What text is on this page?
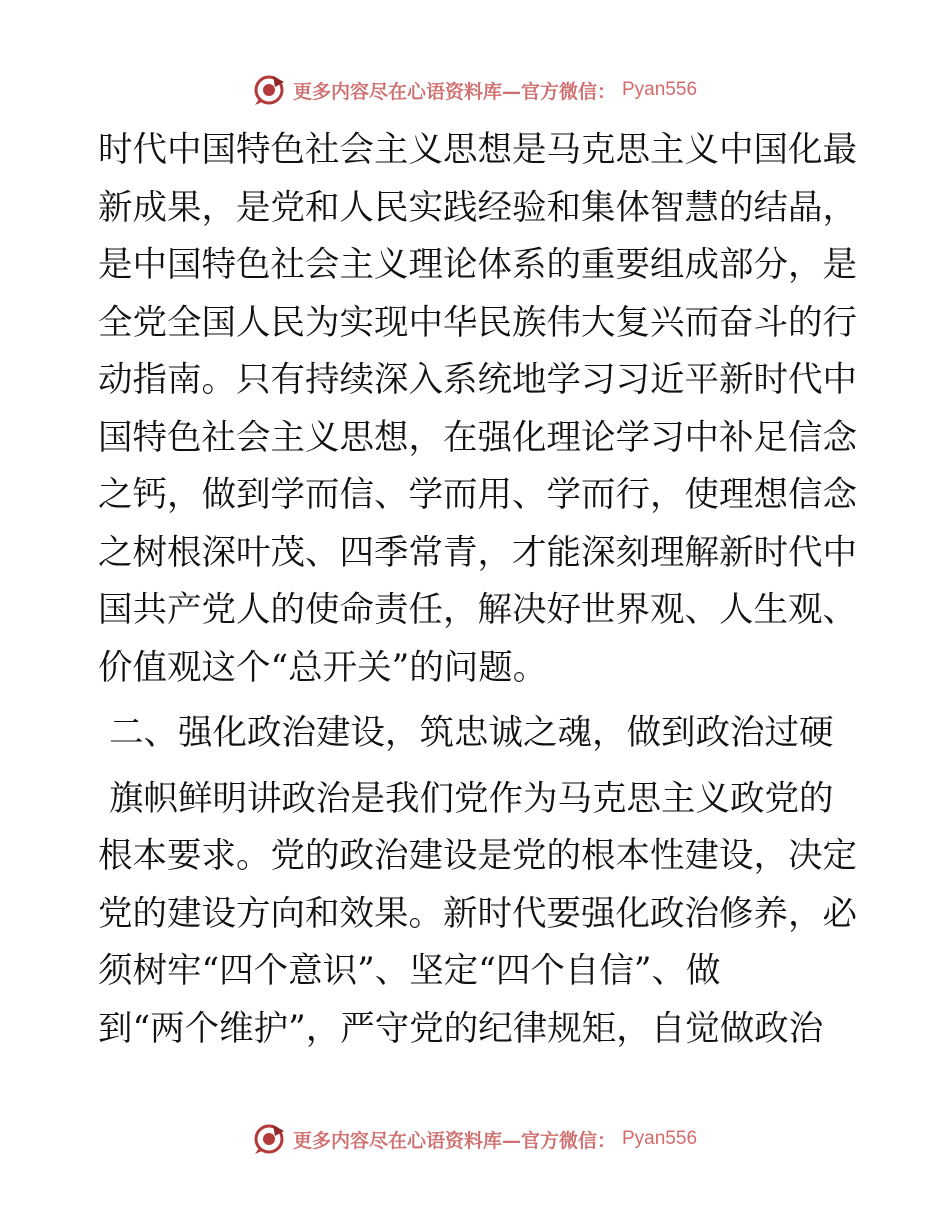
更多内容尽在心语资料库—官方微信： Pyan556
时代中国特色社会主义思想是马克思主义中国化最
新成果，是党和人民实践经验和集体智慧的结晶，
是中国特色社会主义理论体系的重要组成部分，是
全党全国人民为实现中华民族伟大复兴而奋斗的行
动指南。只有持续深入系统地学习习近平新时代中
国特色社会主义思想，在强化理论学习中补足信念
之钙，做到学而信、学而用、学而行，使理想信念
之树根深叶茂、四季常青，才能深刻理解新时代中
国共产党人的使命责任，解决好世界观、人生观、
价值观这个“总开关”的问题。
二、强化政治建设，筑忠诚之魂，做到政治过硬
旗帜鲜明讲政治是我们党作为马克思主义政党的
根本要求。党的政治建设是党的根本性建设，决定
党的建设方向和效果。新时代要强化政治修养，必
须树牢“四个意识”、坚定“四个自信”、做
到“两个维护”，严守党的纪律规矩，自觉做政治
更多内容尽在心语资料库—官方微信： Pyan556
